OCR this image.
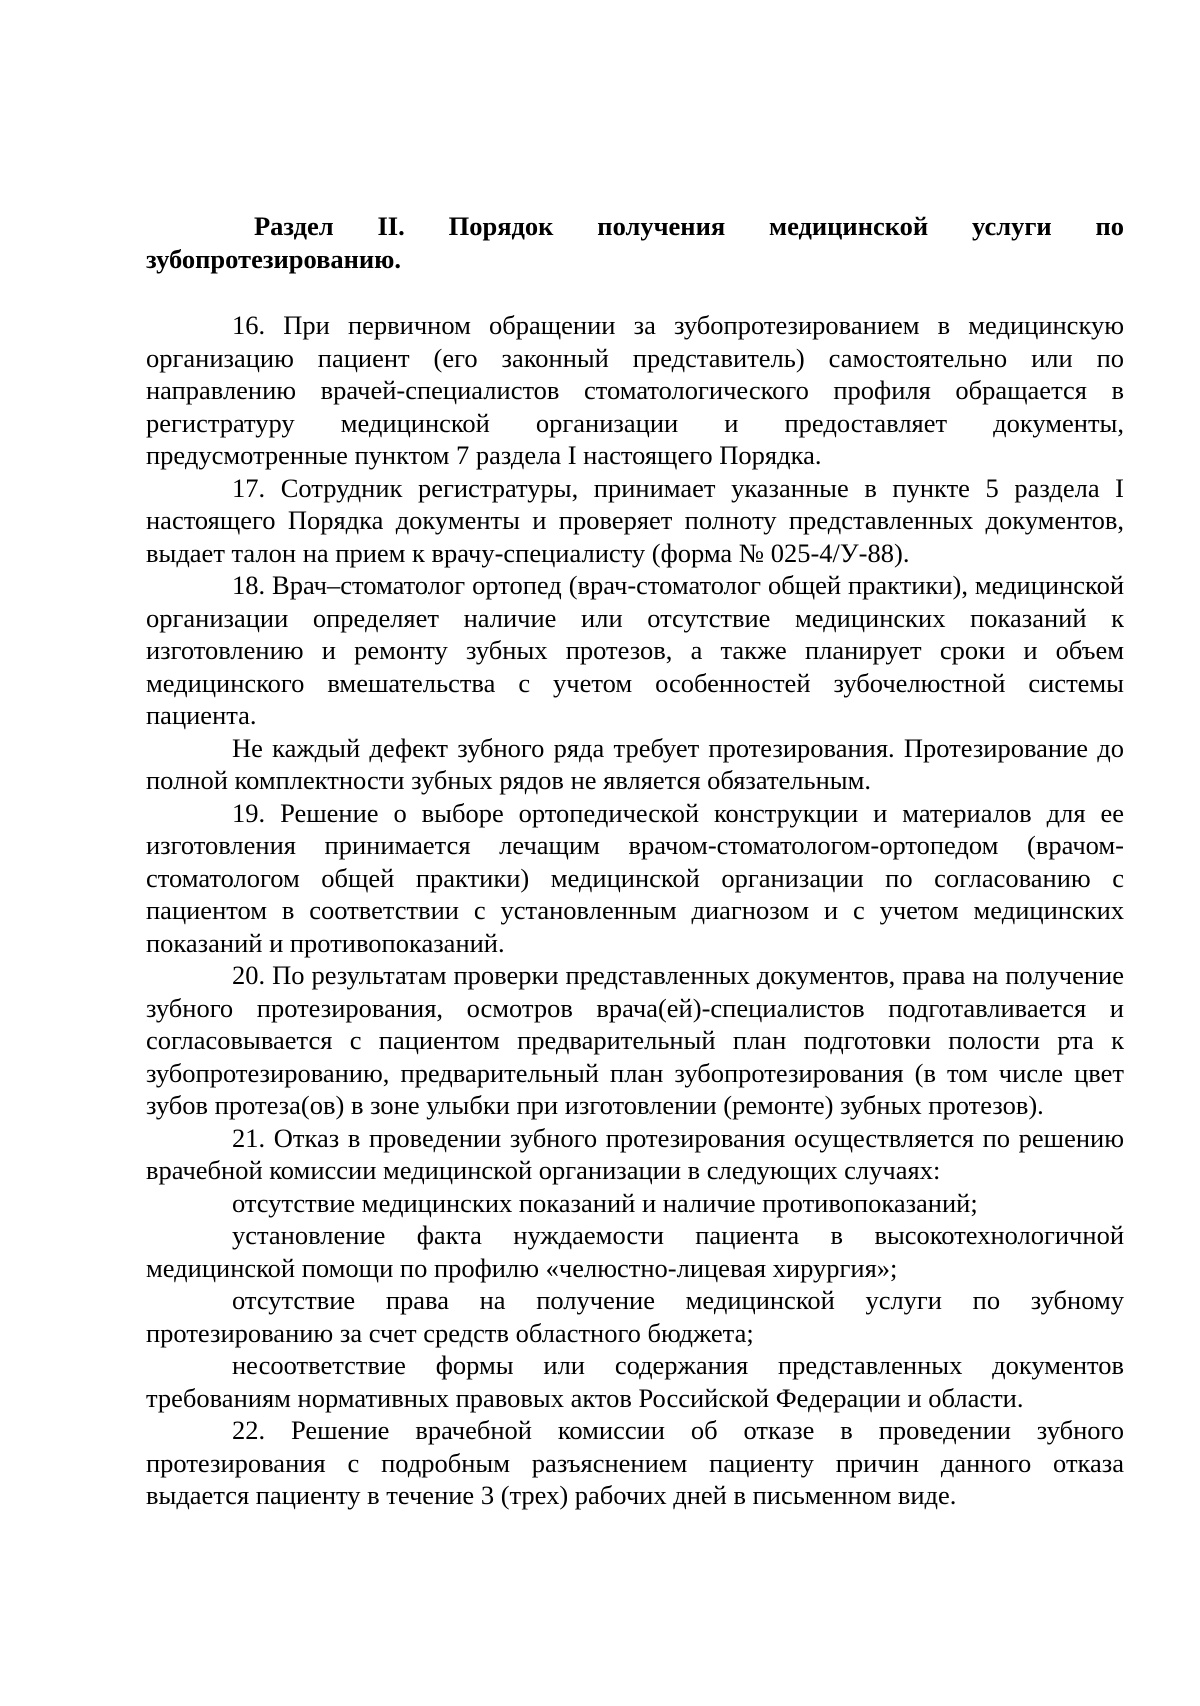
Раздел II. Порядок получения медицинской услуги по зубопротезированию.

16. При первичном обращении за зубопротезированием в медицинскую организацию пациент (его законный представитель) самостоятельно или по направлению врачей-специалистов стоматологического профиля обращается в регистратуру медицинской организации и предоставляет документы, предусмотренные пунктом 7 раздела I настоящего Порядка.

17. Сотрудник регистратуры, принимает указанные в пункте 5 раздела I настоящего Порядка документы и проверяет полноту представленных документов, выдает талон на прием к врачу-специалисту (форма № 025-4/У-88).

18. Врач–стоматолог ортопед (врач-стоматолог общей практики), медицинской организации определяет наличие или отсутствие медицинских показаний к изготовлению и ремонту зубных протезов, а также планирует сроки и объем медицинского вмешательства с учетом особенностей зубочелюстной системы пациента.

Не каждый дефект зубного ряда требует протезирования. Протезирование до полной комплектности зубных рядов не является обязательным.

19. Решение о выборе ортопедической конструкции и материалов для ее изготовления принимается лечащим врачом-стоматологом-ортопедом (врачом-стоматологом общей практики) медицинской организации по согласованию с пациентом в соответствии с установленным диагнозом и с учетом медицинских показаний и противопоказаний.

20. По результатам проверки представленных документов, права на получение зубного протезирования, осмотров врача(ей)-специалистов подготавливается и согласовывается с пациентом предварительный план подготовки полости рта к зубопротезированию, предварительный план зубопротезирования (в том числе цвет зубов протеза(ов) в зоне улыбки при изготовлении (ремонте) зубных протезов).

21. Отказ в проведении зубного протезирования осуществляется по решению врачебной комиссии медицинской организации в следующих случаях:

отсутствие медицинских показаний и наличие противопоказаний;

установление факта нуждаемости пациента в высокотехнологичной медицинской помощи по профилю «челюстно-лицевая хирургия»;

отсутствие права на получение медицинской услуги по зубному протезированию за счет средств областного бюджета;

несоответствие формы или содержания представленных документов требованиям нормативных правовых актов Российской Федерации и области.

22. Решение врачебной комиссии об отказе в проведении зубного протезирования с подробным разъяснением пациенту причин данного отказа выдается пациенту в течение 3 (трех) рабочих дней в письменном виде.
